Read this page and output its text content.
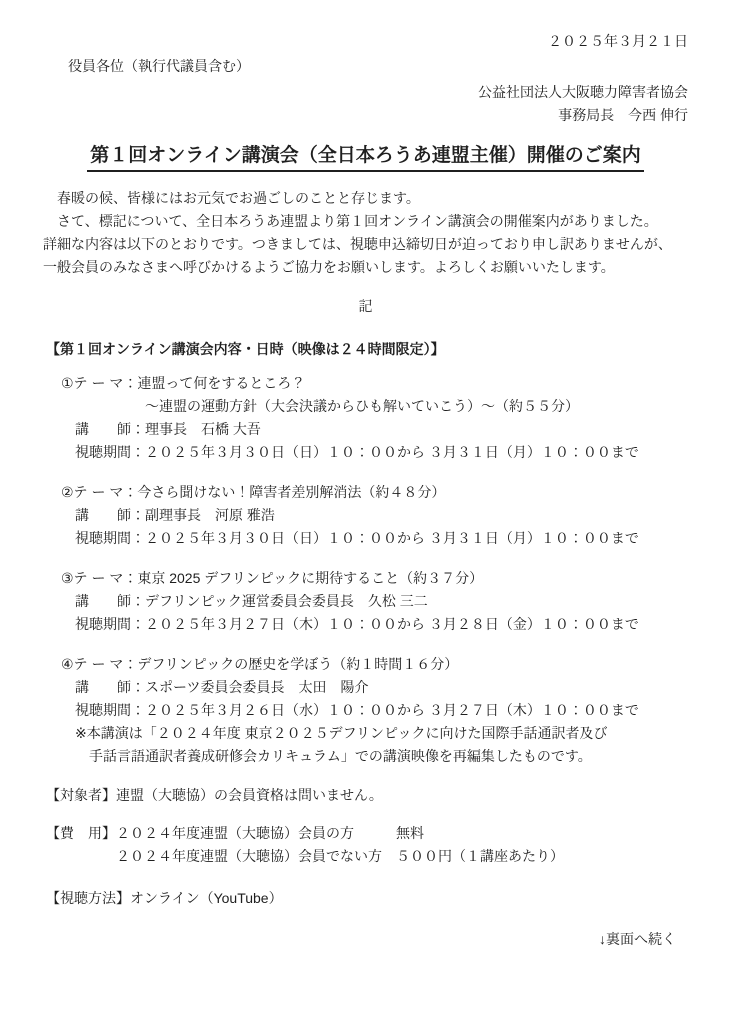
２０２５年３月２１日
役員各位（執行代議員含む）
公益社団法人大阪聴力障害者協会
事務局長　今西 伸行
第１回オンライン講演会（全日本ろうあ連盟主催）開催のご案内
　春暖の候、皆様にはお元気でお過ごしのことと存じます。
　さて、標記について、全日本ろうあ連盟より第１回オンライン講演会の開催案内がありました。
詳細な内容は以下のとおりです。つきましては、視聴申込締切日が迫っており申し訳ありませんが、
一般会員のみなさまへ呼びかけるようご協力をお願いします。よろしくお願いいたします。
記
【第１回オンライン講演会内容・日時（映像は２４時間限定）】
①テ ー マ：連盟って何をするところ？
　　　　　　～連盟の運動方針（大会決議からひも解いていこう）～（約５５分）
　講　　師：理事長　石橋 大吾
　視聴期間：２０２５年３月３０日（日）１０：００から ３月３１日（月）１０：００まで
②テ ー マ：今さら聞けない！障害者差別解消法（約４８分）
　講　　師：副理事長　河原 雅浩
　視聴期間：２０２５年３月３０日（日）１０：００から ３月３１日（月）１０：００まで
③テ ー マ：東京 2025 デフリンピックに期待すること（約３７分）
　講　　師：デフリンピック運営委員会委員長　久松 三二
　視聴期間：２０２５年３月２７日（木）１０：００から ３月２８日（金）１０：００まで
④テ ー マ：デフリンピックの歴史を学ぼう（約１時間１６分）
　講　　師：スポーツ委員会委員長　太田　陽介
　視聴期間：２０２５年３月２６日（水）１０：００から ３月２７日（木）１０：００まで
　※本講演は「２０２４年度 東京２０２５デフリンピックに向けた国際手話通訳者及び
　　手話言語通訳者養成研修会カリキュラム」での講演映像を再編集したものです。
【対象者】連盟（大聴協）の会員資格は問いません。
【費　用】２０２４年度連盟（大聴協）会員の方　　　無料
　　　　　２０２４年度連盟（大聴協）会員でない方　５００円（１講座あたり）
【視聴方法】オンライン（YouTube）
↓裏面へ続く
